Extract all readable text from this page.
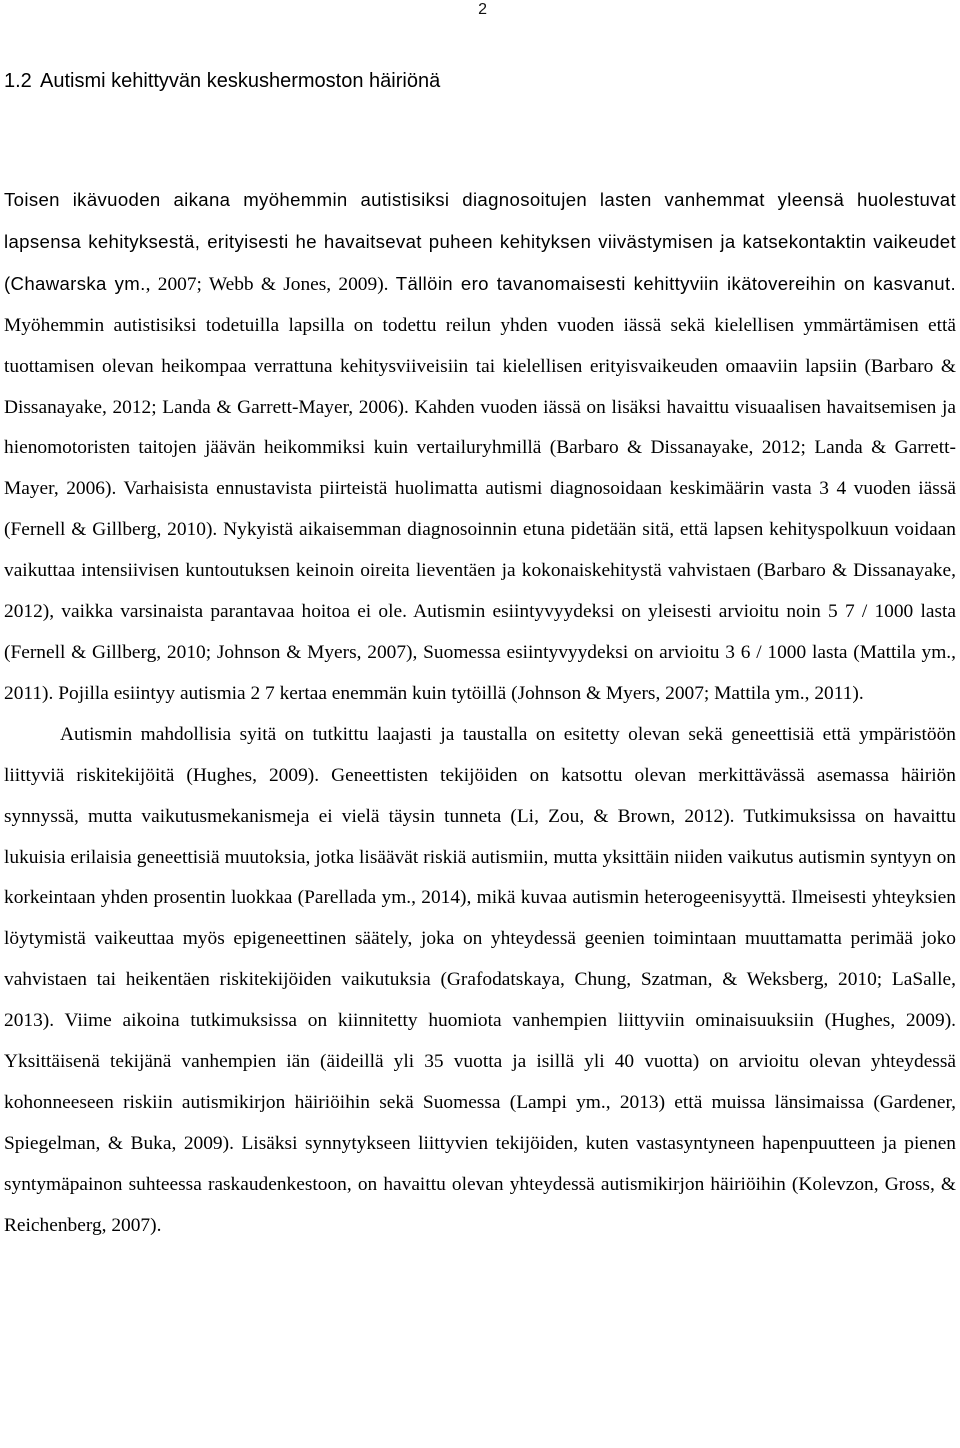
2
1.2 Autismi kehittyvän keskushermoston häiriönä

Toisen ikävuoden aikana myöhemmin autistisiksi diagnosoitujen lasten vanhemmat yleensä huolestuvat lapsensa kehityksestä, erityisesti he havaitsevat puheen kehityksen viivästymisen ja katsekontaktin vaikeudet (Chawarska ym., 2007; Webb & Jones, 2009). Tällöin ero tavanomaisesti kehittyviin ikätovereihin on kasvanut. Myöhemmin autistisiksi todetuilla lapsilla on todettu reilun yhden vuoden iässä sekä kielellisen ymmärtämisen että tuottamisen olevan heikompaa verrattuna kehitysviiveisiin tai kielellisen erityisvaikeuden omaaviin lapsiin (Barbaro & Dissanayake, 2012; Landa & Garrett-Mayer, 2006). Kahden vuoden iässä on lisäksi havaittu visuaalisen havaitsemisen ja hienomotoristen taitojen jäävän heikommiksi kuin vertailuryhmillä (Barbaro & Dissanayake, 2012; Landa & Garrett-Mayer, 2006). Varhaisista ennustavista piirteistä huolimatta autismi diagnosoidaan keskimäärin vasta 3 4 vuoden iässä (Fernell & Gillberg, 2010). Nykyistä aikaisemman diagnosoinnin etuna pidetään sitä, että lapsen kehityspolkuun voidaan vaikuttaa intensiivisen kuntoutuksen keinoin oireita lieventäen ja kokonaiskehitystä vahvistaen (Barbaro & Dissanayake, 2012), vaikka varsinaista parantavaa hoitoa ei ole. Autismin esiintyvyydeksi on yleisesti arvioitu noin 5 7 / 1000 lasta (Fernell & Gillberg, 2010; Johnson & Myers, 2007), Suomessa esiintyvyydeksi on arvioitu 3 6 / 1000 lasta (Mattila ym., 2011). Pojilla esiintyy autismia 2 7 kertaa enemmän kuin tytöillä (Johnson & Myers, 2007; Mattila ym., 2011).

Autismin mahdollisia syitä on tutkittu laajasti ja taustalla on esitetty olevan sekä geneettisiä että ympäristöön liittyviä riskitekijöitä (Hughes, 2009). Geneettisten tekijöiden on katsottu olevan merkittävässä asemassa häiriön synnyssä, mutta vaikutusmekanismeja ei vielä täysin tunneta (Li, Zou, & Brown, 2012). Tutkimuksissa on havaittu lukuisia erilaisia geneettisiä muutoksia, jotka lisäävät riskiä autismiin, mutta yksittäin niiden vaikutus autismin syntyyn on korkeintaan yhden prosentin luokkaa (Parellada ym., 2014), mikä kuvaa autismin heterogeenisyyttä. Ilmeisesti yhteyksien löytymistä vaikeuttaa myös epigeneettinen säätely, joka on yhteydessä geenien toimintaan muuttamatta perimää joko vahvistaen tai heikentäen riskitekijöiden vaikutuksia (Grafodatskaya, Chung, Szatman, & Weksberg, 2010; LaSalle, 2013). Viime aikoina tutkimuksissa on kiinnitetty huomiota vanhempien liittyviin ominaisuuksiin (Hughes, 2009). Yksittäisenä tekijänä vanhempien iän (äideillä yli 35 vuotta ja isillä yli 40 vuotta) on arvioitu olevan yhteydessä kohonneeseen riskiin autismikirjon häiriöihin sekä Suomessa (Lampi ym., 2013) että muissa länsimaissa (Gardener, Spiegelman, & Buka, 2009). Lisäksi synnytykseen liittyvien tekijöiden, kuten vastasyntyneen hapenpuutteen ja pienen syntymäpainon suhteessa raskaudenkestoon, on havaittu olevan yhteydessä autismikirjon häiriöihin (Kolevzon, Gross, & Reichenberg, 2007).
